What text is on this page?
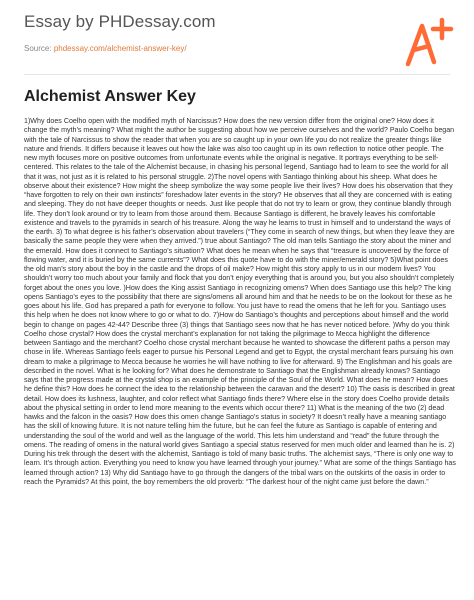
Essay by PHDessay.com
Source: phdessay.com/alchemist-answer-key/
Alchemist Answer Key

1)Why does Coelho open with the modified myth of Narcissus? How does the new version differ from the original one? How does it change the myth’s meaning? What might the author be suggesting about how we perceive ourselves and the world? Paulo Coelho began with the tale of Narcissus to show the reader that when you are so caught up in your own life you do not realize the greater things like nature and friends. It differs because it leaves out how the lake was also too caught up in its own reflection to notice other people. The new myth focuses more on positive outcomes from unfortunate events while the original is negative. It portrays everything to be self-centered. This relates to the tale of the Alchemist because, in chasing his personal legend, Santiago had to learn to see the world for all that it was, not just as it is related to his personal struggle. 2)The novel opens with Santiago thinking about his sheep. What does he observe about their existence? How might the sheep symbolize the way some people live their lives? How does his observation that they “have forgotten to rely on their own instincts” foreshadow later events in the story? He observes that all they are concerned with is eating and sleeping. They do not have deeper thoughts or needs. Just like people that do not try to learn or grow, they continue blandly through life. They don’t look around or try to learn from those around them. Because Santiago is different, he bravely leaves his comfortable existence and travels to the pyramids in search of his treasure. Along the way he learns to trust in himself and to understand the ways of the earth. 3) To what degree is his father’s observation about travelers (“They come in search of new things, but when they leave they are basically the same people they were when they arrived.”) true about Santiago? The old man tells Santiago the story about the miner and the emerald. How does it connect to Santiago’s situation? What does he mean when he says that “treasure is uncovered by the force of flowing water, and it is buried by the same currents”? What does this quote have to do with the miner/emerald story? 5)What point does the old man’s story about the boy in the castle and the drops of oil make? How might this story apply to us in our modern lives? You shouldn’t worry too much about your family and flock that you don’t enjoy everything that is around you, but you also shouldn’t completely forget about the ones you love. )How does the King assist Santiago in recognizing omens? When does Santiago use this help? The king opens Santiago’s eyes to the possibility that there are signs/omens all around him and that he needs to be on the lookout for these as he goes about his life. God has prepared a path for everyone to follow. You just have to read the omens that he left for you. Santiago uses this help when he does not know where to go or what to do. 7)How do Santiago’s thoughts and perceptions about himself and the world begin to change on pages 42-44? Describe three (3) things that Santiago sees now that he has never noticed before. )Why do you think Coelho chose crystal? How does the crystal merchant’s explanation for not taking the pilgrimage to Mecca highlight the difference between Santiago and the merchant? Coelho chose crystal merchant because he wanted to showcase the different paths a person may chose in life. Whereas Santiago feels eager to pursue his Personal Legend and get to Egypt, the crystal merchant fears pursuing his own dream to make a pilgrimage to Mecca because he worries he will have nothing to live for afterward. 9) The Englishman and his goals are described in the novel. What is he looking for? What does he demonstrate to Santiago that the Englishman already knows? Santiago says that the progress made at the crystal shop is an example of the principle of the Soul of the World. What does he mean? How does he define this? How does he connect the idea to the relationship between the caravan and the desert? 10) The oasis is described in great detail. How does its lushness, laughter, and color reflect what Santiago finds there? Where else in the story does Coelho provide details about the physical setting in order to lend more meaning to the events which occur there? 11) What is the meaning of the two (2) dead hawks and the falcon in the oasis? How does this omen change Santiago’s status in society? It doesn’t really have a meaning santiago has the skill of knowing future. It is not nature telling him the future, but he can feel the future as Santiago is capable of entering and understanding the soul of the world and well as the language of the world. This lets him understand and “read” the future through the omens. The reading of omens in the natural world gives Santiago a special status reserved for men much older and learned than he is. 2) During his trek through the desert with the alchemist, Santiago is told of many basic truths. The alchemist says, “There is only one way to learn. It’s through action. Everything you need to know you have learned through your journey.” What are some of the things Santiago has learned through action? 13) Why did Santiago have to go through the dangers of the tribal wars on the outskirts of the oasis in order to reach the Pyramids? At this point, the boy remembers the old proverb: “The darkest hour of the night came just before the dawn.”
